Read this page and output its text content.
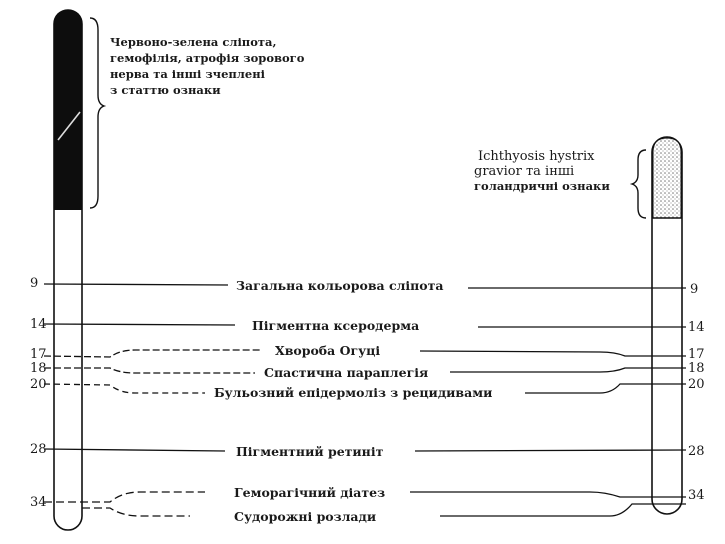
Червоно-зелена сліпота,
гемофілія, атрофія зорового
нерва та інші зчеплені
з статтю ознаки
Ichthyosis hystrix
gravior та інші
голандричні ознаки
9
14
17
18
20
28
34
9
14
17
18
20
28
34
Загальна кольорова сліпота
Пігментна ксеродерма
Хвороба Огуці
Спастична параплегія
Бульозний епідермоліз з рецидивами
Пігментний ретиніт
Геморагічний діатез
Судорожні розлади
